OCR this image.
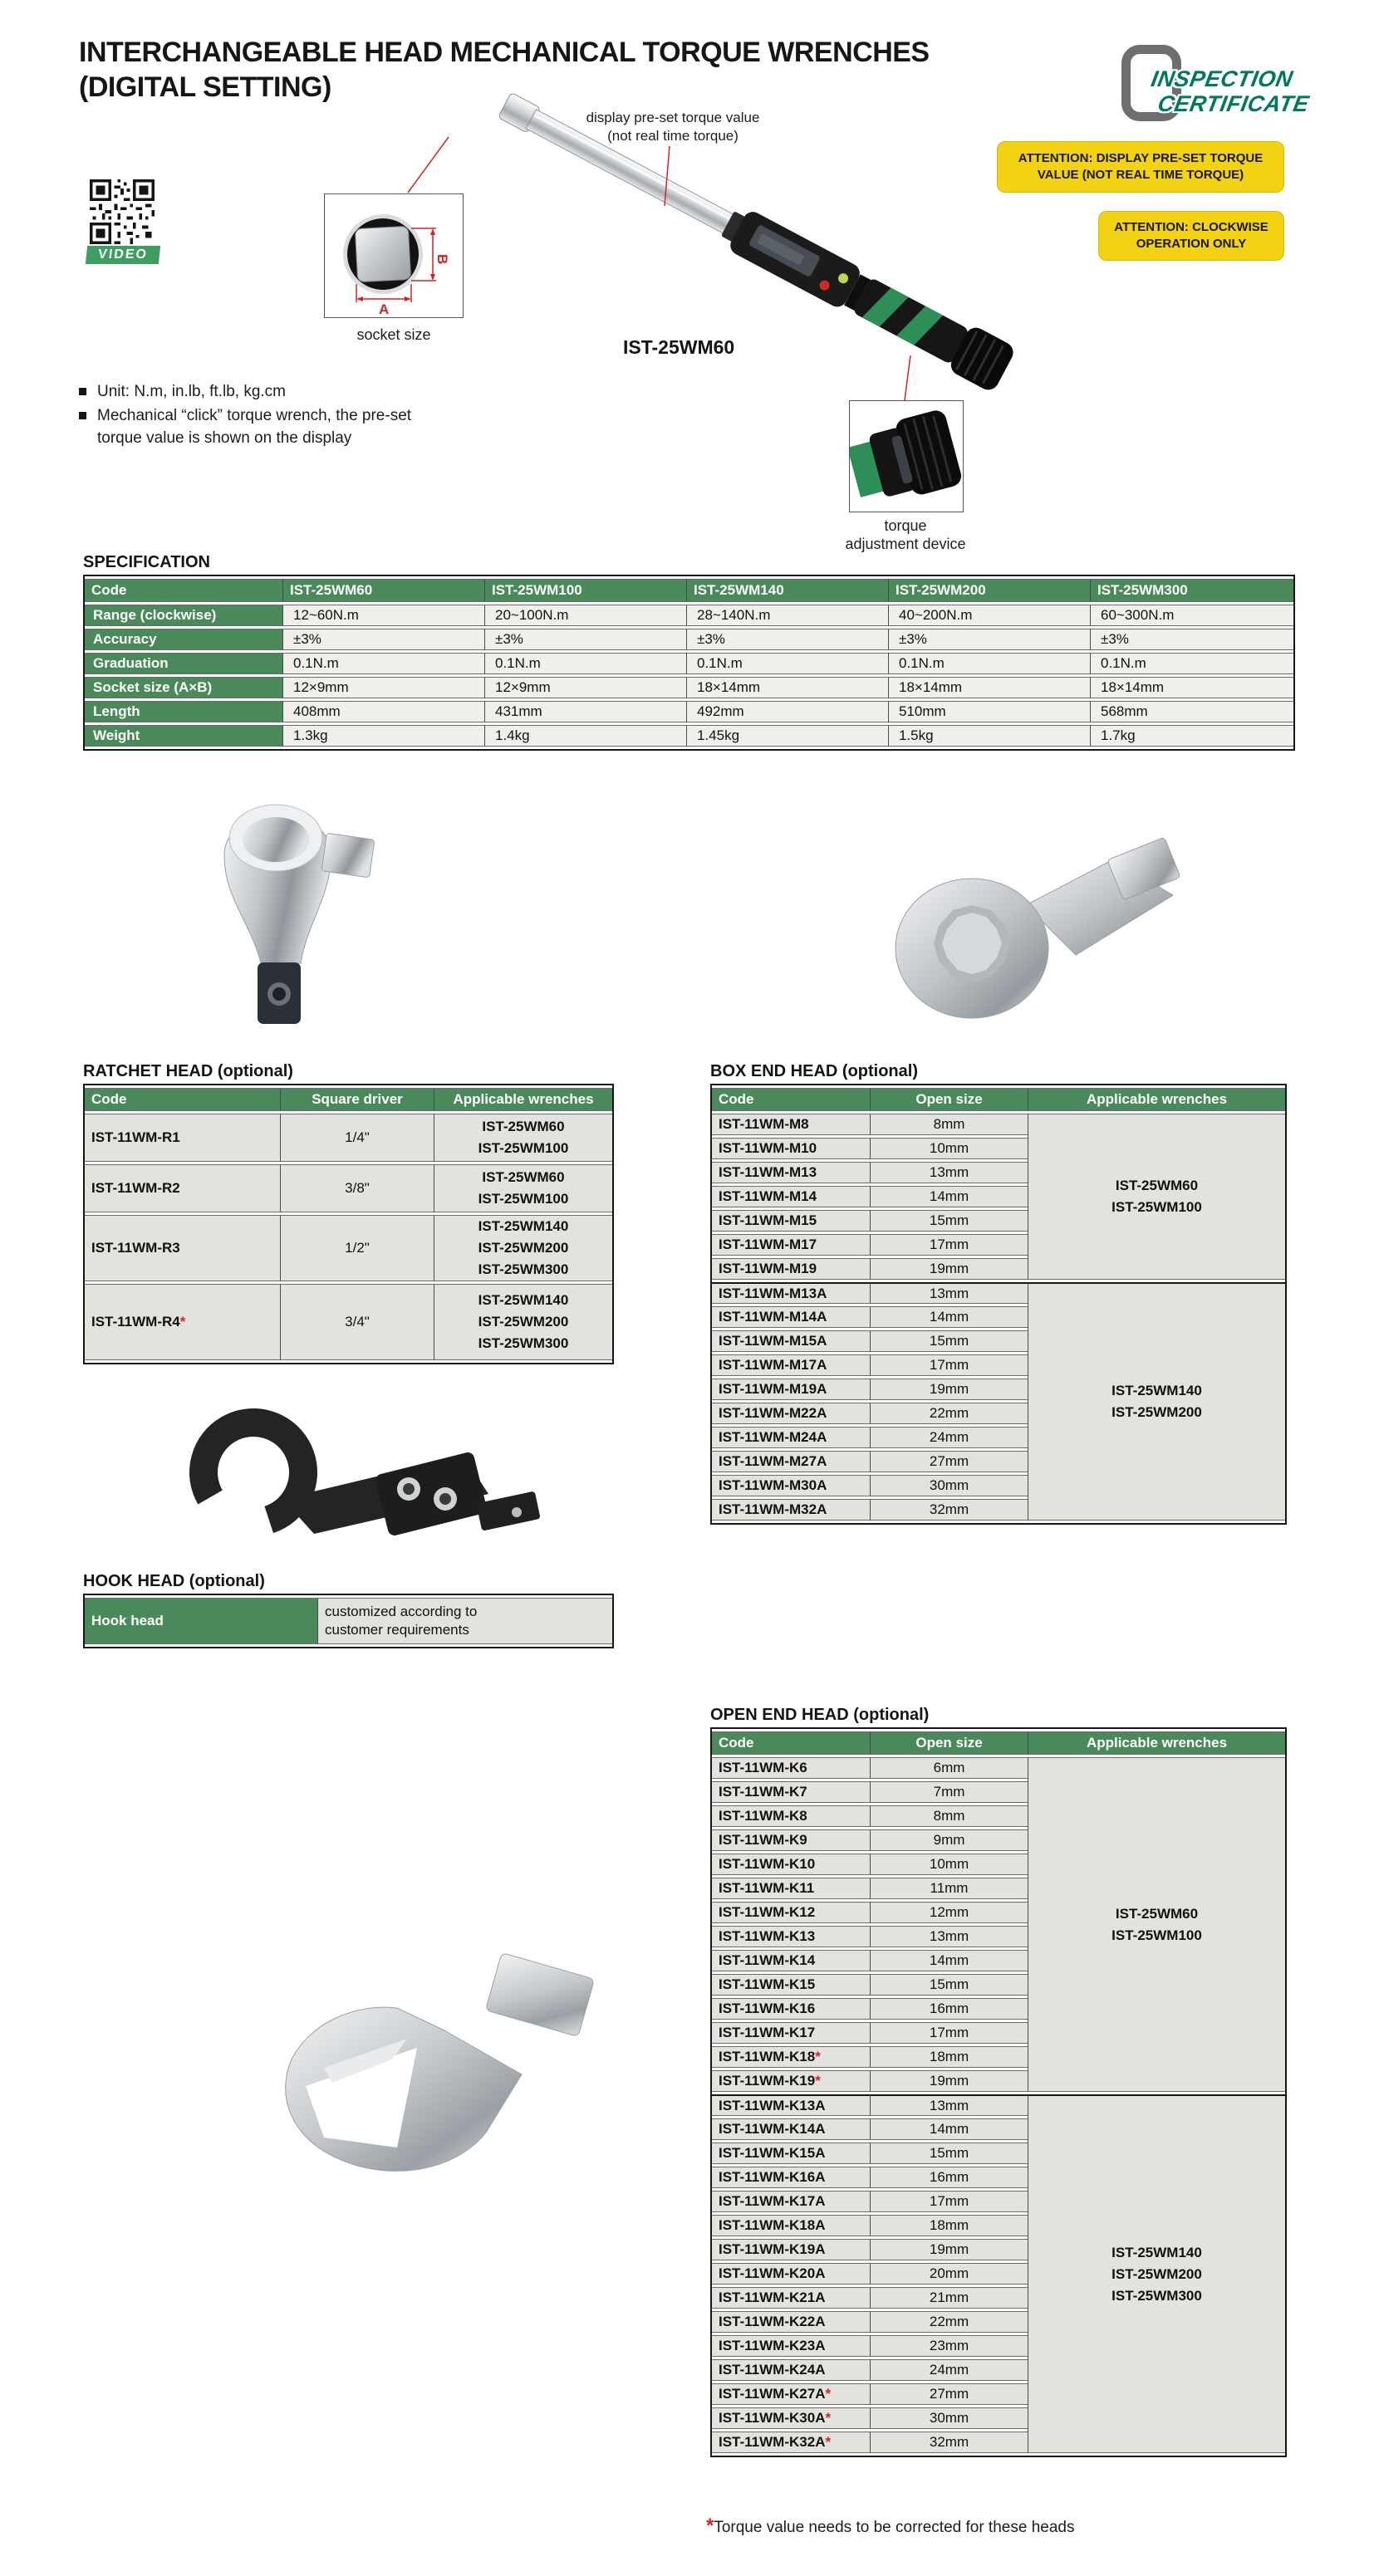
INTERCHANGEABLE HEAD MECHANICAL TORQUE WRENCHES
(DIGITAL SETTING)	INSPECTION
CERTIFICATE
ATTENTION: DISPLAY PRE-SET TORQUE VALUE (NOT REAL TIME TORQUE)
ATTENTION: CLOCKWISE OPERATION ONLY
VIDEO	B
A
socket size
display pre-set torque value
(not real time torque)
IST-25WM60
torque
adjustment device
Unit: N.m, in.lb, ft.lb, kg.cm
Mechanical “click” torque wrench, the pre-set torque value is shown on the display
SPECIFICATION
Code	IST-25WM60	IST-25WM100	IST-25WM140	IST-25WM200	IST-25WM300
Range (clockwise)	12~60N.m	20~100N.m	28~140N.m	40~200N.m	60~300N.m
Accuracy	±3%	±3%	±3%	±3%	±3%
Graduation	0.1N.m	0.1N.m	0.1N.m	0.1N.m	0.1N.m
Socket size (A×B)	12×9mm	12×9mm	18×14mm	18×14mm	18×14mm
Length	408mm	431mm	492mm	510mm	568mm
Weight	1.3kg	1.4kg	1.45kg	1.5kg	1.7kg
RATCHET HEAD (optional)
Code	Square driver	Applicable wrenches
IST-11WM-R1	1/4"	IST-25WM60
IST-25WM100

IST-11WM-R2	3/8"	IST-25WM60
IST-25WM100

IST-11WM-R3	1/2"	IST-25WM140
IST-25WM200
IST-25WM300

IST-11WM-R4*	3/4"	IST-25WM140
IST-25WM200
IST-25WM300
BOX END HEAD (optional)
Code	Open size	Applicable wrenches
IST-11WM-M8	8mm	IST-25WM60
IST-25WM100

IST-11WM-M10	10mm	
IST-11WM-M13	13mm	
IST-11WM-M14	14mm	
IST-11WM-M15	15mm	
IST-11WM-M17	17mm	
IST-11WM-M19	19mm	
IST-11WM-M13A	13mm	IST-25WM140
IST-25WM200

IST-11WM-M14A	14mm	
IST-11WM-M15A	15mm	
IST-11WM-M17A	17mm	
IST-11WM-M19A	19mm	
IST-11WM-M22A	22mm	
IST-11WM-M24A	24mm	
IST-11WM-M27A	27mm	
IST-11WM-M30A	30mm	
IST-11WM-M32A	32mm	
HOOK HEAD (optional)
Hook head	
customized according to
customer requirements
OPEN END HEAD (optional)
Code	Open size	Applicable wrenches
IST-11WM-K6	6mm	IST-25WM60
IST-25WM100

IST-11WM-K7	7mm	
IST-11WM-K8	8mm	
IST-11WM-K9	9mm	
IST-11WM-K10	10mm	
IST-11WM-K11	11mm	
IST-11WM-K12	12mm	
IST-11WM-K13	13mm	
IST-11WM-K14	14mm	
IST-11WM-K15	15mm	
IST-11WM-K16	16mm	
IST-11WM-K17	17mm	
IST-11WM-K18*	18mm	
IST-11WM-K19*	19mm	
IST-11WM-K13A	13mm	IST-25WM140
IST-25WM200
IST-25WM300

IST-11WM-K14A	14mm	
IST-11WM-K15A	15mm	
IST-11WM-K16A	16mm	
IST-11WM-K17A	17mm	
IST-11WM-K18A	18mm	
IST-11WM-K19A	19mm	
IST-11WM-K20A	20mm	
IST-11WM-K21A	21mm	
IST-11WM-K22A	22mm	
IST-11WM-K23A	23mm	
IST-11WM-K24A	24mm	
IST-11WM-K27A*	27mm	
IST-11WM-K30A*	30mm	
IST-11WM-K32A*	32mm	
*Torque value needs to be corrected for these heads
